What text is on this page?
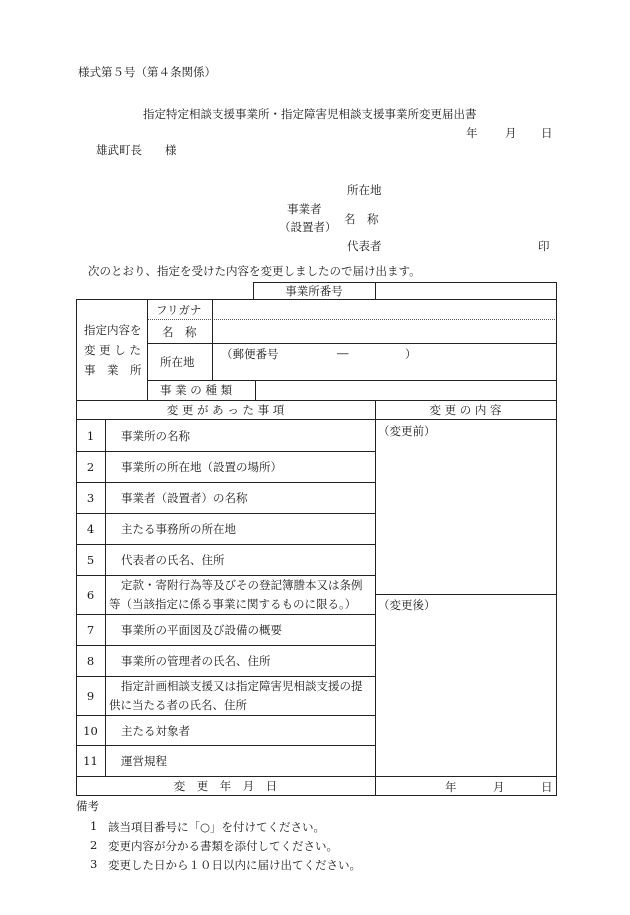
様式第５号（第４条関係）
指定特定相談支援事業所・指定障害児相談支援事業所変更届出書
年 月 日
雄武町長　　様
所在地
事業者
（設置者）
名　称
代表者	印
次のとおり、指定を受けた内容を変更しましたので届け出ます。
事業所番号
指定内容を
変 更 し た
事　業　所
フリガナ
名　称
所在地
（郵便番号	―	）
事 業 の 種 類
変 更 が あ っ た 事 項	変 更 の 内 容
（変更前）
（変更後）
1	事業所の名称
2	事業所の所在地（設置の場所）
3	事業者（設置者）の名称
4	主たる事務所の所在地
5	代表者の氏名、住所
6
定款・寄附行為等及びその登記簿謄本又は条例
等（当該指定に係る事業に関するものに限る。）
7	事業所の平面図及び設備の概要
8	事業所の管理者の氏名、住所
9
指定計画相談支援又は指定障害児相談支援の提
供に当たる者の氏名、住所
10	主たる対象者
11	運営規程
変　更　年　月　日	年	月	日
備考
1 該当項目番号に「○」を付けてください。
2 変更内容が分かる書類を添付してください。
3 変更した日から１０日以内に届け出てください。
